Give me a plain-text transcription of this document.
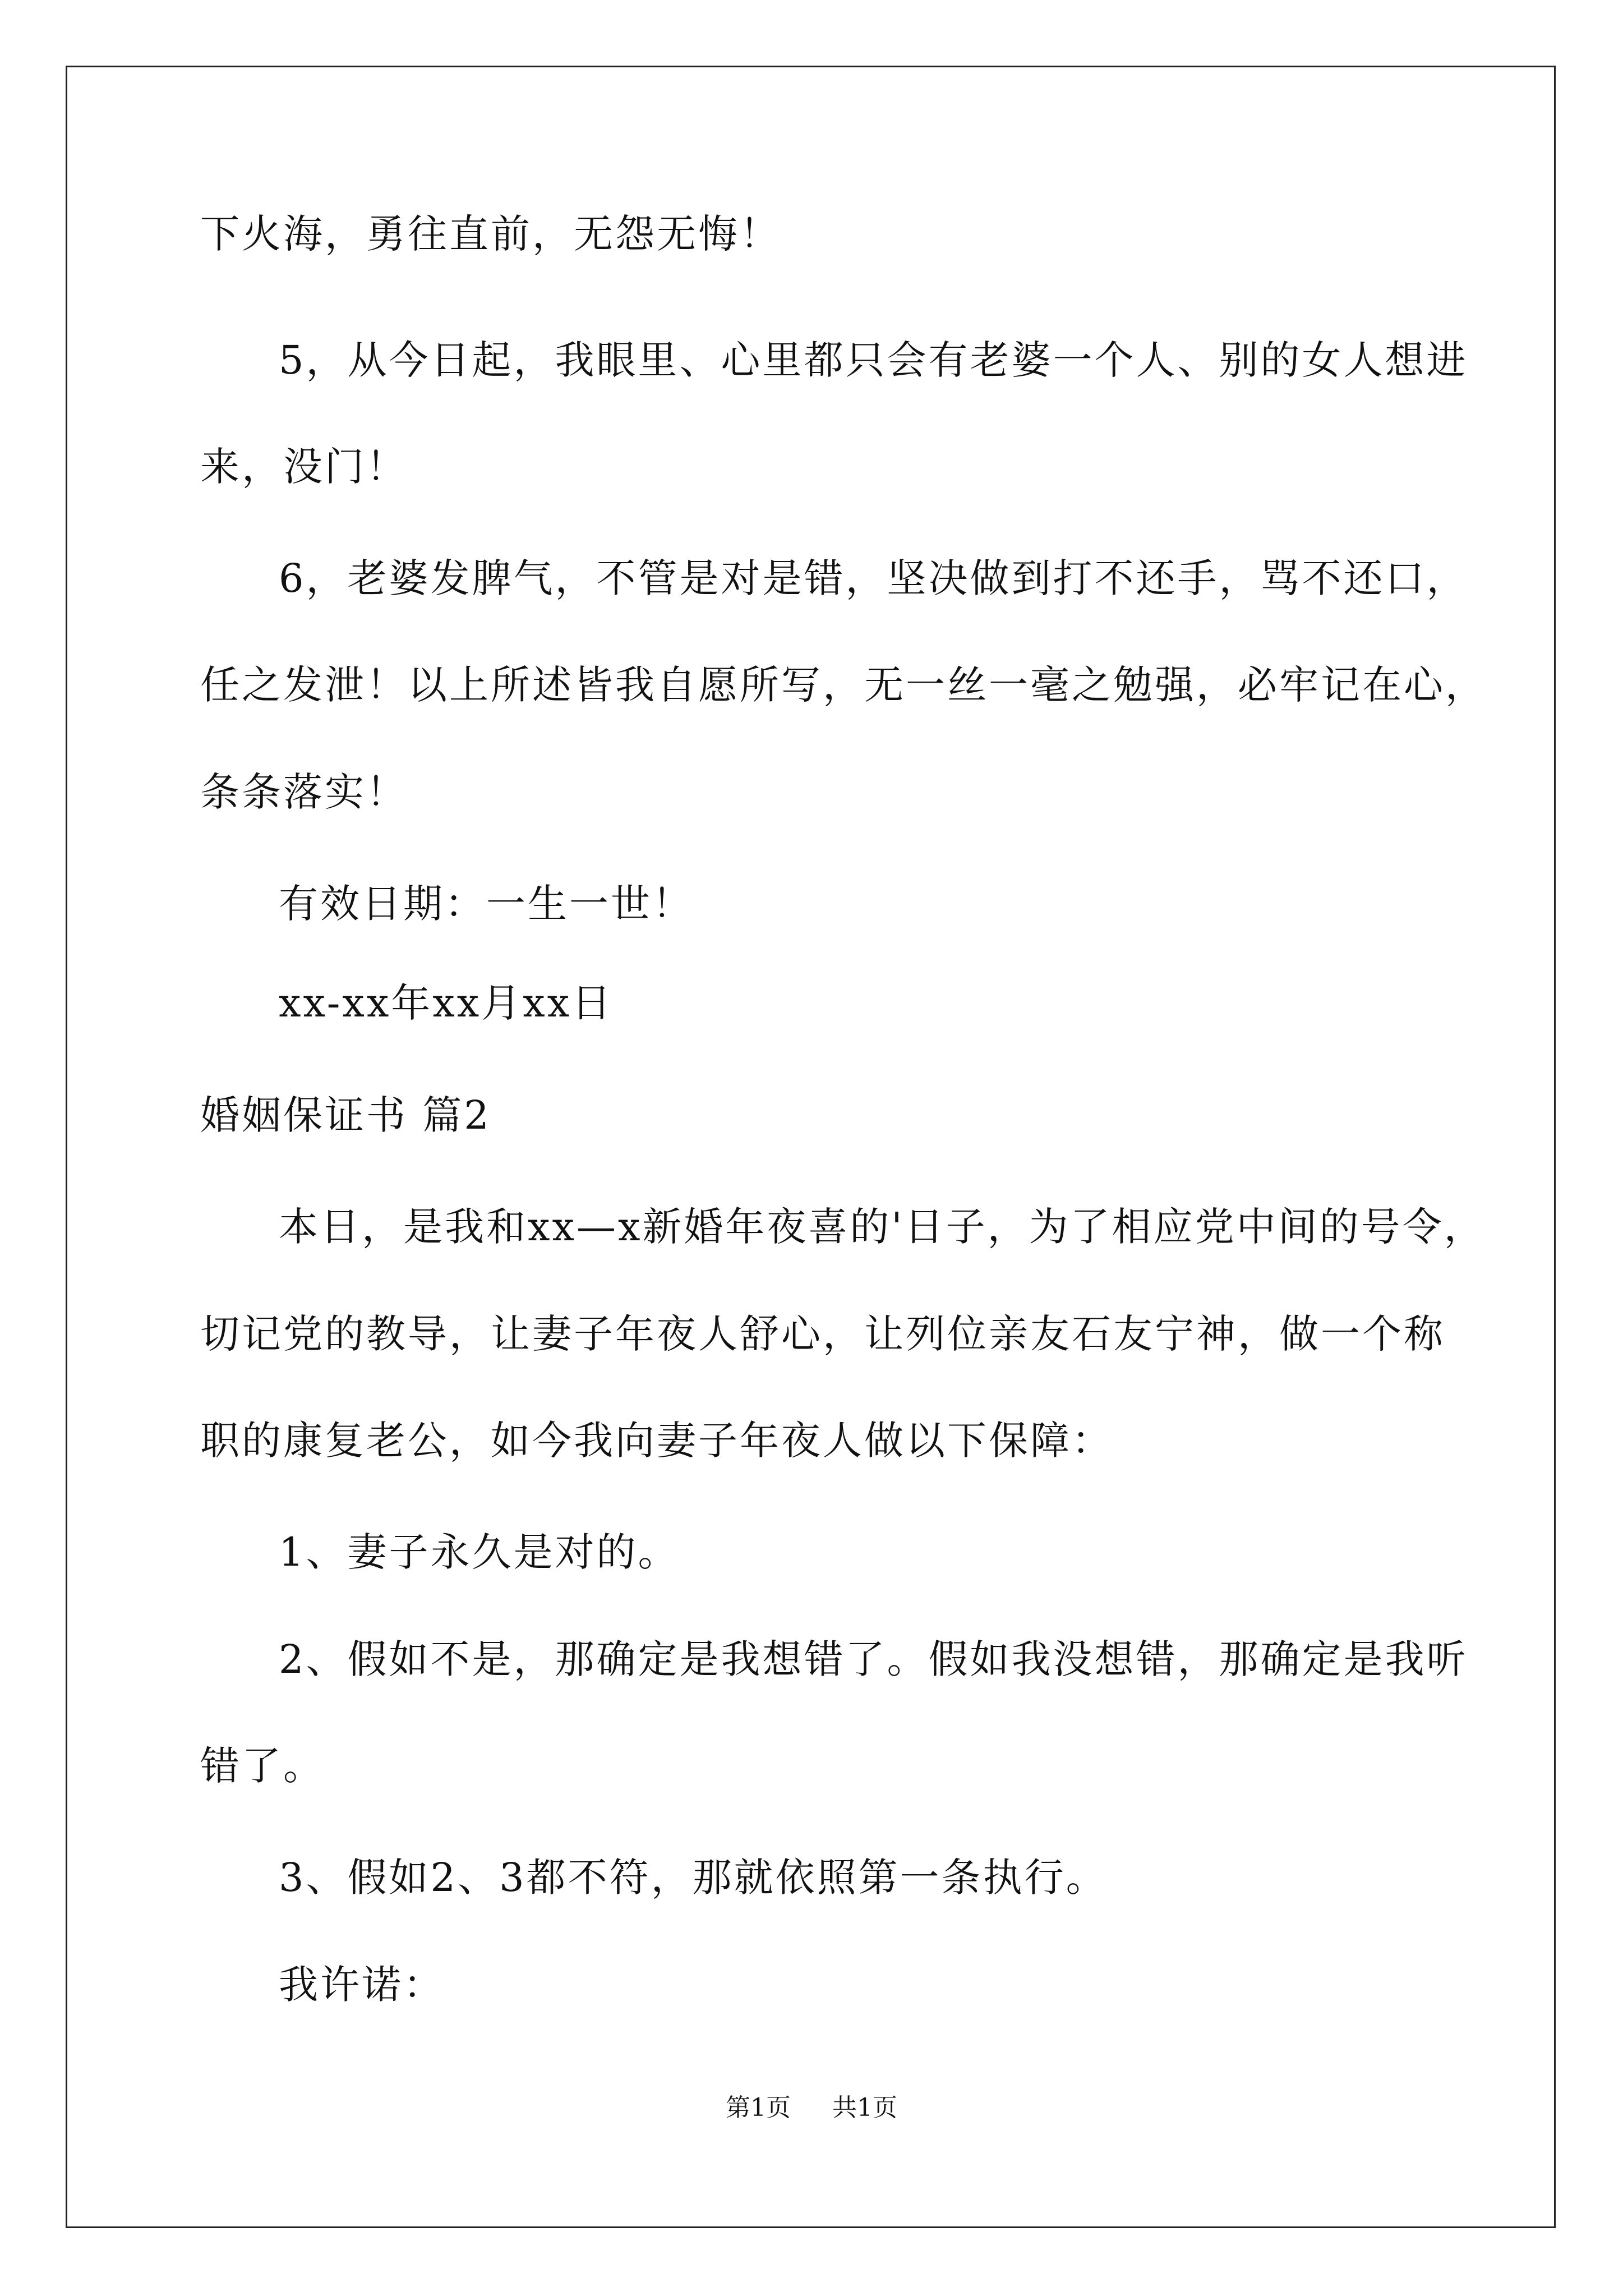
下火海，勇往直前，无怨无悔！
5，从今日起，我眼里、心里都只会有老婆一个人、别的女人想进
来，没门！
6，老婆发脾气，不管是对是错，坚决做到打不还手，骂不还口，
任之发泄！以上所述皆我自愿所写，无一丝一毫之勉强，必牢记在心，
条条落实！
有效日期：一生一世！
xx-xx年xx月xx日
婚姻保证书 篇2
本日，是我和xx—x新婚年夜喜的'日子，为了相应党中间的号令，
切记党的教导，让妻子年夜人舒心，让列位亲友石友宁神，做一个称
职的康复老公，如今我向妻子年夜人做以下保障：
1、妻子永久是对的。
2、假如不是，那确定是我想错了。假如我没想错，那确定是我听
错了。
3、假如2、3都不符，那就依照第一条执行。
我许诺：
第1页 共1页
